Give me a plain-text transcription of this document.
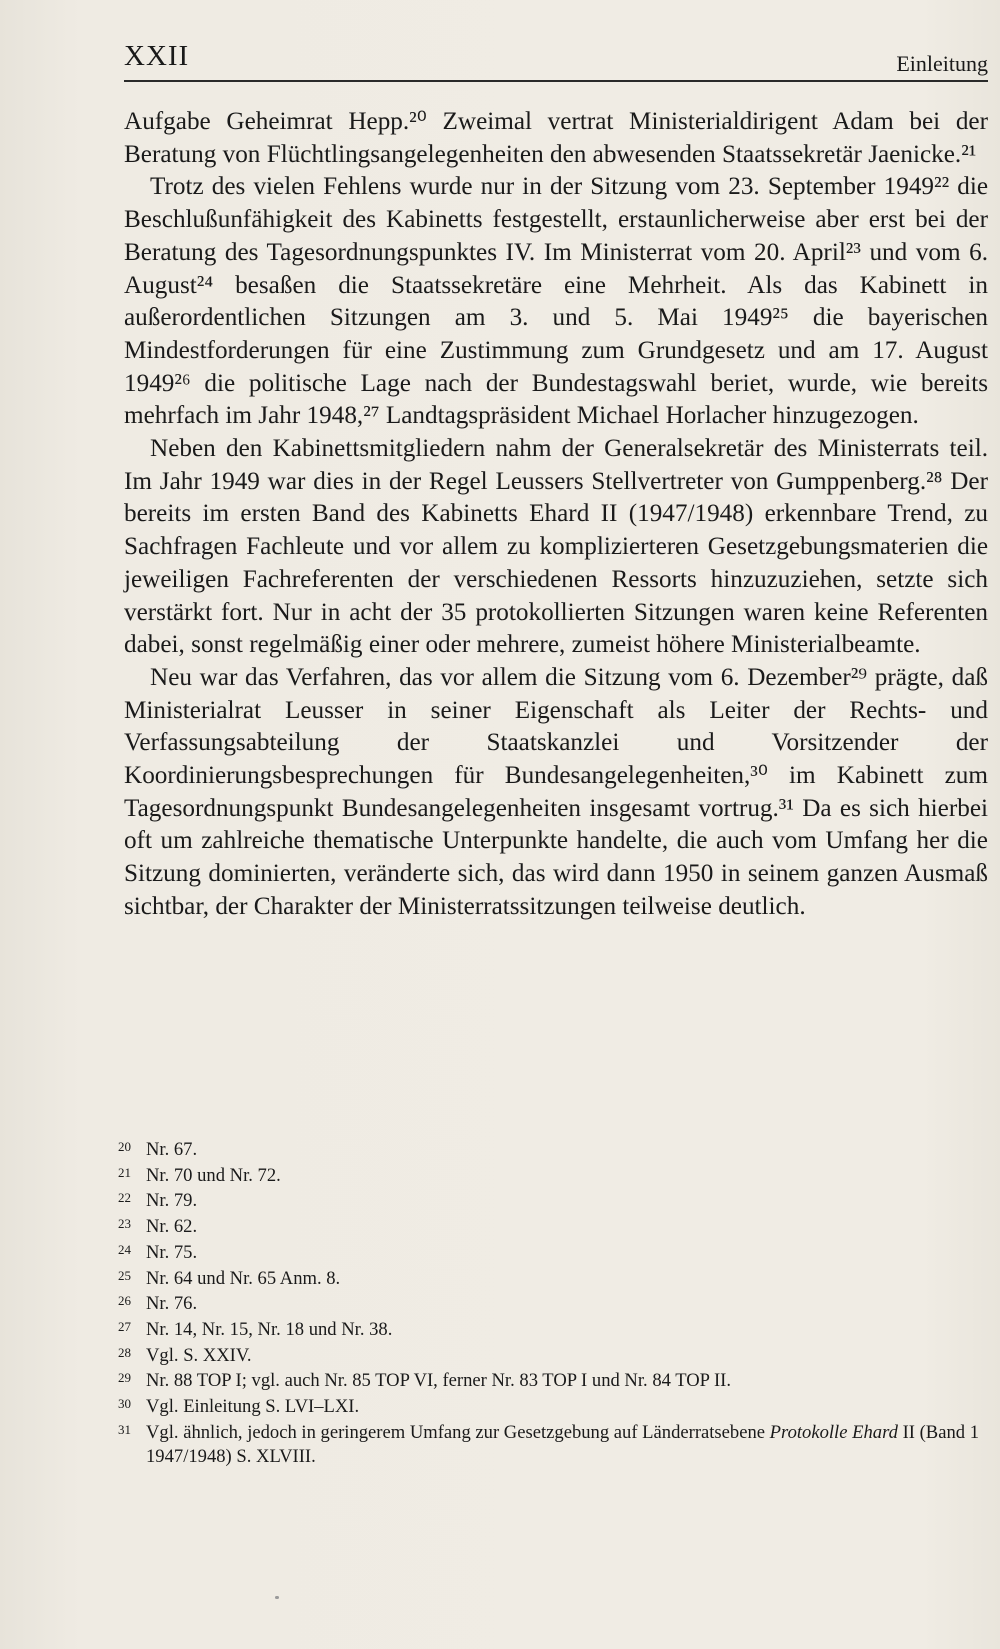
XXII	Einleitung

Aufgabe Geheimrat Hepp.²⁰ Zweimal vertrat Ministerialdirigent Adam bei der Beratung von Flüchtlingsangelegenheiten den abwesenden Staatssekretär Jaenicke.²¹

Trotz des vielen Fehlens wurde nur in der Sitzung vom 23. September 1949²² die Beschlußunfähigkeit des Kabinetts festgestellt, erstaunlicherweise aber erst bei der Beratung des Tagesordnungspunktes IV. Im Ministerrat vom 20. April²³ und vom 6. August²⁴ besaßen die Staatssekretäre eine Mehrheit. Als das Kabinett in außerordentlichen Sitzungen am 3. und 5. Mai 1949²⁵ die bayerischen Mindestforderungen für eine Zustimmung zum Grundgesetz und am 17. August 1949²⁶ die politische Lage nach der Bundestagswahl beriet, wurde, wie bereits mehrfach im Jahr 1948,²⁷ Landtagspräsident Michael Horlacher hinzugezogen.

Neben den Kabinettsmitgliedern nahm der Generalsekretär des Ministerrats teil. Im Jahr 1949 war dies in der Regel Leussers Stellvertreter von Gumppenberg.²⁸ Der bereits im ersten Band des Kabinetts Ehard II (1947/1948) erkennbare Trend, zu Sachfragen Fachleute und vor allem zu komplizierteren Gesetzgebungsmaterien die jeweiligen Fachreferenten der verschiedenen Ressorts hinzuzuziehen, setzte sich verstärkt fort. Nur in acht der 35 protokollierten Sitzungen waren keine Referenten dabei, sonst regelmäßig einer oder mehrere, zumeist höhere Ministerialbeamte.

Neu war das Verfahren, das vor allem die Sitzung vom 6. Dezember²⁹ prägte, daß Ministerialrat Leusser in seiner Eigenschaft als Leiter der Rechts- und Verfassungsabteilung der Staatskanzlei und Vorsitzender der Koordinierungsbesprechungen für Bundesangelegenheiten,³⁰ im Kabinett zum Tagesordnungspunkt Bundesangelegenheiten insgesamt vortrug.³¹ Da es sich hierbei oft um zahlreiche thematische Unterpunkte handelte, die auch vom Umfang her die Sitzung dominierten, veränderte sich, das wird dann 1950 in seinem ganzen Ausmaß sichtbar, der Charakter der Ministerratssitzungen teilweise deutlich.

20 Nr. 67.
21 Nr. 70 und Nr. 72.
22 Nr. 79.
23 Nr. 62.
24 Nr. 75.
25 Nr. 64 und Nr. 65 Anm. 8.
26 Nr. 76.
27 Nr. 14, Nr. 15, Nr. 18 und Nr. 38.
28 Vgl. S. XXIV.
29 Nr. 88 TOP I; vgl. auch Nr. 85 TOP VI, ferner Nr. 83 TOP I und Nr. 84 TOP II.
30 Vgl. Einleitung S. LVI–LXI.
31 Vgl. ähnlich, jedoch in geringerem Umfang zur Gesetzgebung auf Länderratsebene Protokolle Ehard II (Band 1 1947/1948) S. XLVIII.
